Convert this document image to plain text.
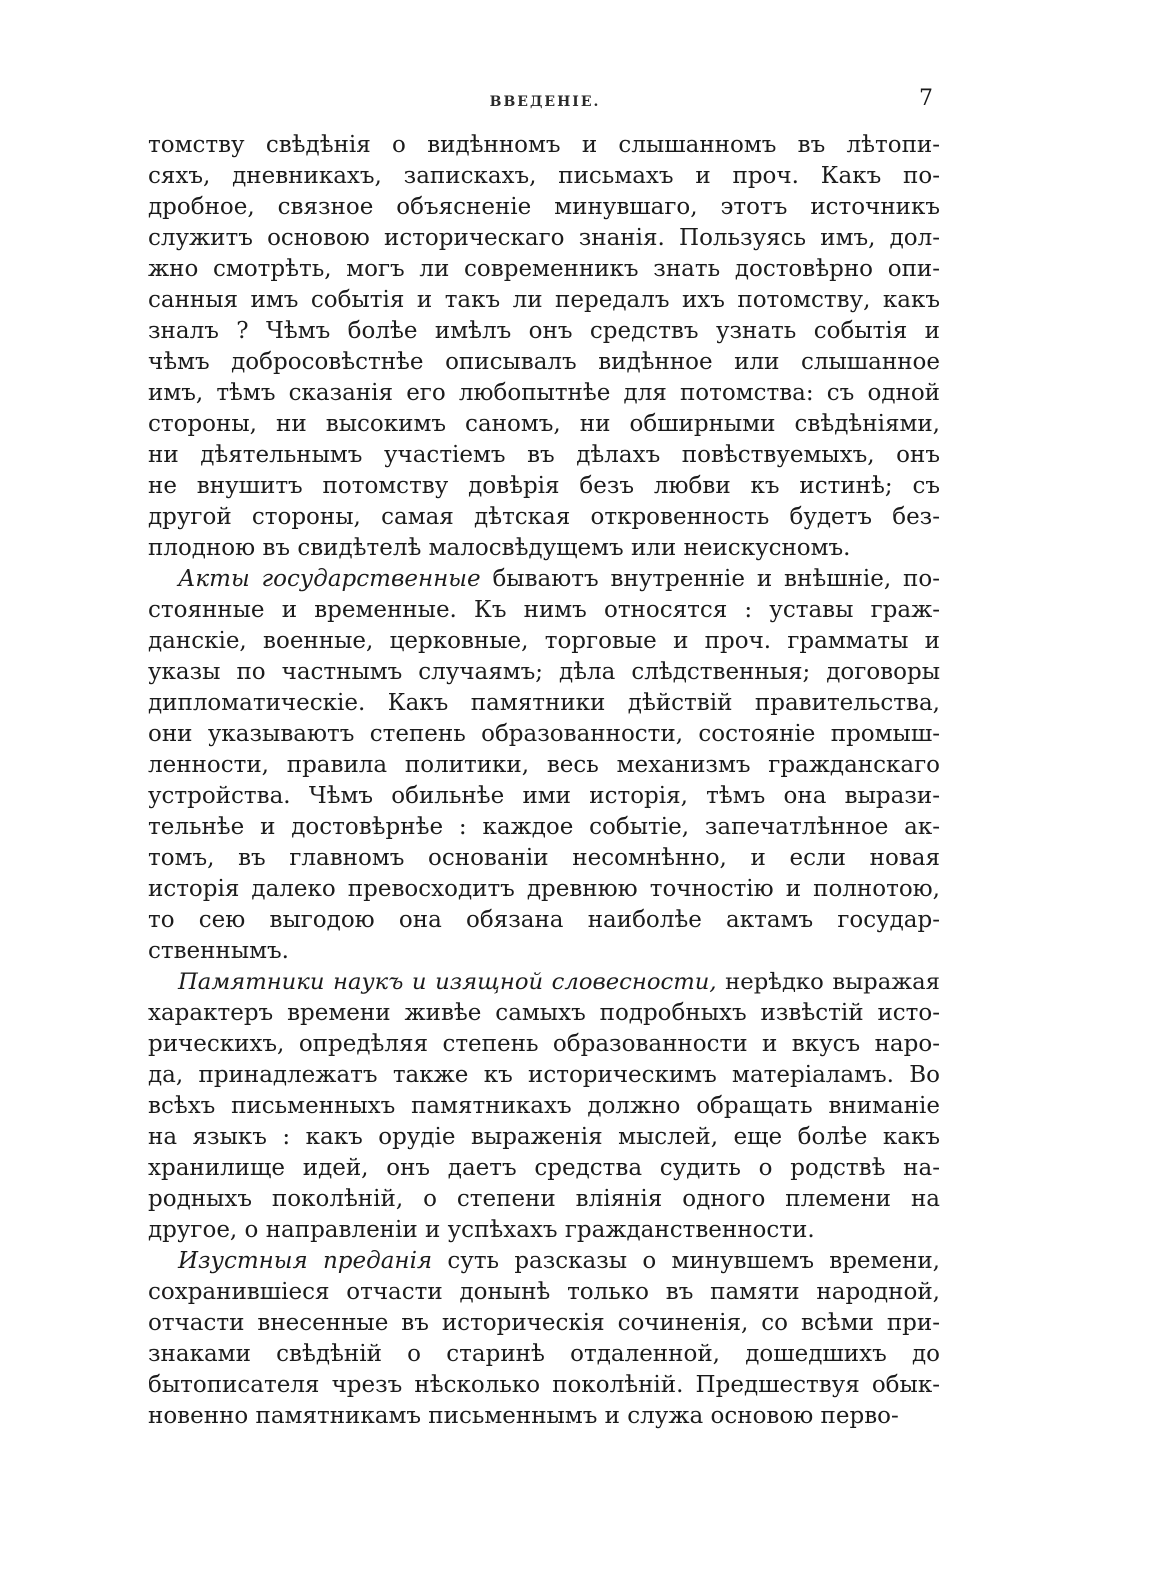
ВВЕДЕНІЕ.	7
томству свѣдѣнія о видѣнномъ и слышанномъ въ лѣтопи-
сяхъ, дневникахъ, запискахъ, письмахъ и проч. Какъ по-
дробное, связное объясненіе минувшаго, этотъ источникъ
служитъ основою историческаго знанія. Пользуясь имъ, дол-
жно смотрѣть, могъ ли современникъ знать достовѣрно опи-
санныя имъ событія и такъ ли передалъ ихъ потомству, какъ
зналъ ? Чѣмъ болѣе имѣлъ онъ средствъ узнать событія и
чѣмъ добросовѣстнѣе описывалъ видѣнное или слышанное
имъ, тѣмъ сказанія его любопытнѣе для потомства: съ одной
стороны, ни высокимъ саномъ, ни обширными свѣдѣніями,
ни дѣятельнымъ участіемъ въ дѣлахъ повѣствуемыхъ, онъ
не внушитъ потомству довѣрія безъ любви къ истинѣ; съ
другой стороны, самая дѣтская откровенность будетъ без-
плодною въ свидѣтелѣ малосвѣдущемъ или неискусномъ.
Акты государственные бываютъ внутренніе и внѣшніе, по-
стоянные и временные. Къ нимъ относятся : уставы граж-
данскіе, военные, церковные, торговые и проч. грамматы и
указы по частнымъ случаямъ; дѣла слѣдственныя; договоры
дипломатическіе. Какъ памятники дѣйствій правительства,
они указываютъ степень образованности, состояніе промыш-
ленности, правила политики, весь механизмъ гражданскаго
устройства. Чѣмъ обильнѣе ими исторія, тѣмъ она вырази-
тельнѣе и достовѣрнѣе : каждое событіе, запечатлѣнное ак-
томъ, въ главномъ основаніи несомнѣнно, и если новая
исторія далеко превосходитъ древнюю точностію и полнотою,
то сею выгодою она обязана наиболѣе актамъ государ-
ственнымъ.
Памятники наукъ и изящной словесности, нерѣдко выражая
характеръ времени живѣе самыхъ подробныхъ извѣстій исто-
рическихъ, опредѣляя степень образованности и вкусъ наро-
да, принадлежатъ также къ историческимъ матеріаламъ. Во
всѣхъ письменныхъ памятникахъ должно обращать вниманіе
на языкъ : какъ орудіе выраженія мыслей, еще болѣе какъ
хранилище идей, онъ даетъ средства судить о родствѣ на-
родныхъ поколѣній, о степени вліянія одного племени на
другое, о направленіи и успѣхахъ гражданственности.
Изустныя преданія суть разсказы о минувшемъ времени,
сохранившіеся отчасти донынѣ только въ памяти народной,
отчасти внесенные въ историческія сочиненія, со всѣми при-
знаками свѣдѣній о старинѣ отдаленной, дошедшихъ до
бытописателя чрезъ нѣсколько поколѣній. Предшествуя обык-
новенно памятникамъ письменнымъ и служа основою перво-
